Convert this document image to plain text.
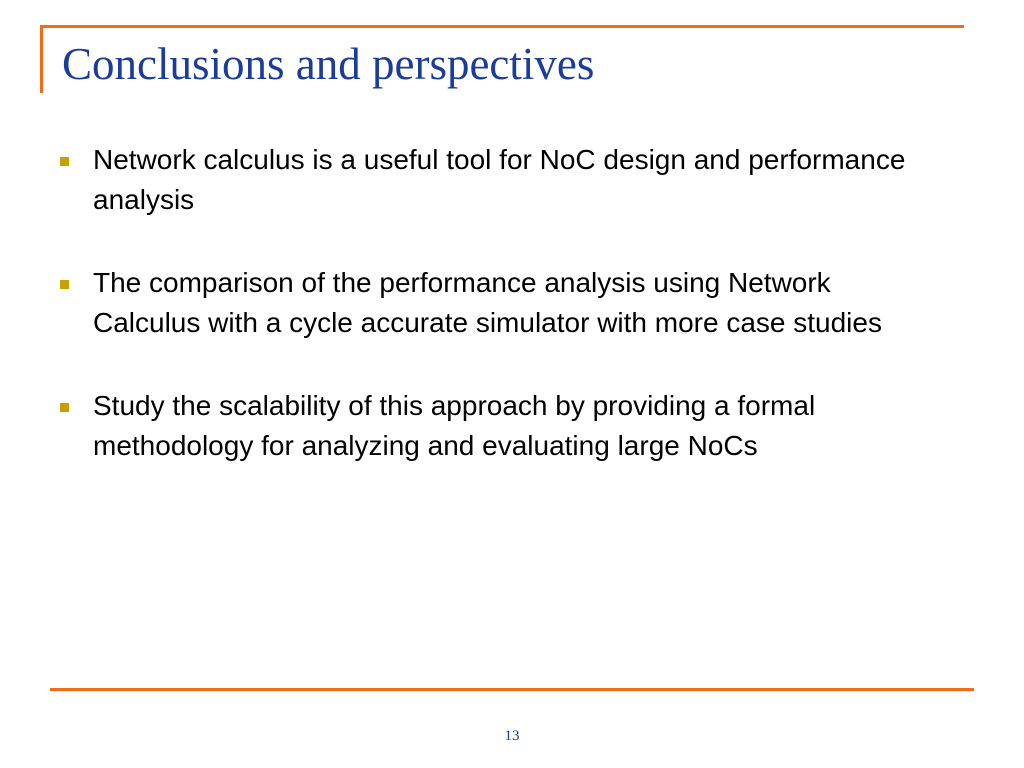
Conclusions and perspectives
Network calculus is a useful tool for NoC design and performance analysis
The comparison of the performance analysis using Network Calculus with a cycle accurate simulator with more case studies
Study the scalability of this approach by providing a formal methodology for analyzing and evaluating large NoCs
13
